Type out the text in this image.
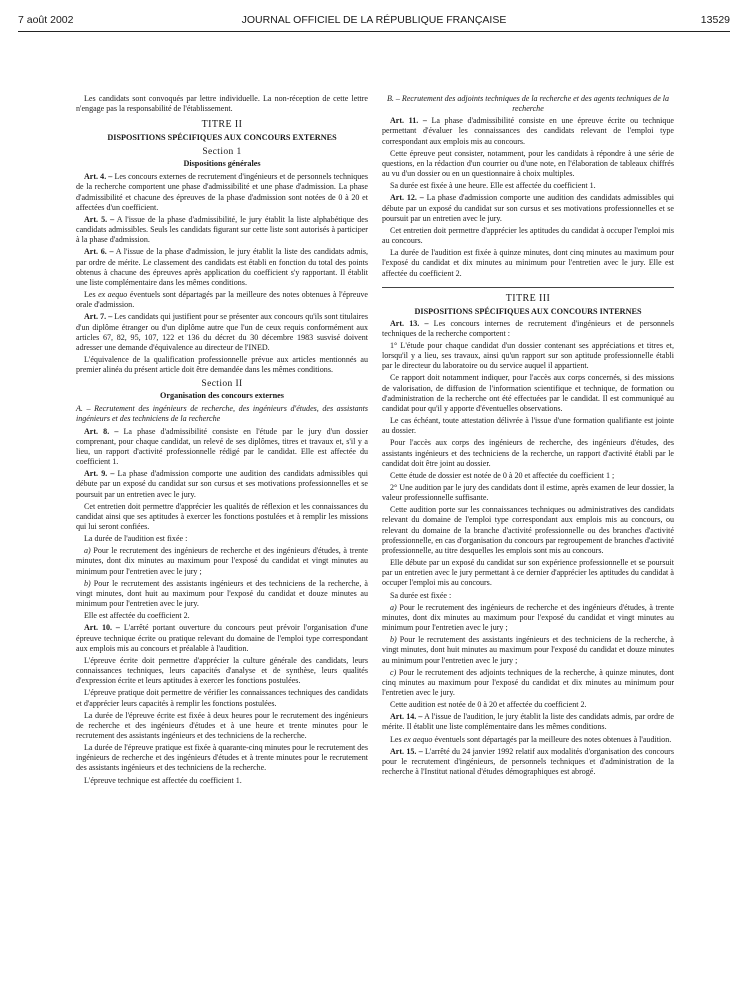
7 août 2002	JOURNAL OFFICIEL DE LA RÉPUBLIQUE FRANÇAISE	13529

Les candidats sont convoqués par lettre individuelle. La non-réception de cette lettre n'engage pas la responsabilité de l'établissement.

TITRE II
DISPOSITIONS SPÉCIFIQUES AUX CONCOURS EXTERNES
Section 1
Dispositions générales

Art. 4. – Les concours externes de recrutement d'ingénieurs et de personnels techniques de la recherche comportent une phase d'admissibilité et une phase d'admission. La phase d'admissibilité et chacune des épreuves de la phase d'admission sont notées de 0 à 20 et affectées d'un coefficient.

Art. 5. – A l'issue de la phase d'admissibilité, le jury établit la liste alphabétique des candidats admissibles. Seuls les candidats figurant sur cette liste sont autorisés à participer à la phase d'admission.

Art. 6. – A l'issue de la phase d'admission, le jury établit la liste des candidats admis, par ordre de mérite. Le classement des candidats est établi en fonction du total des points obtenus à chacune des épreuves après application du coefficient s'y rapportant. Il établit une liste complémentaire dans les mêmes conditions.

Les ex aequo éventuels sont départagés par la meilleure des notes obtenues à l'épreuve orale d'admission.

Art. 7. – Les candidats qui justifient pour se présenter aux concours qu'ils sont titulaires d'un diplôme étranger ou d'un diplôme autre que l'un de ceux requis conformément aux articles 67, 82, 95, 107, 122 et 136 du décret du 30 décembre 1983 susvisé doivent adresser une demande d'équivalence au directeur de l'INED.

L'équivalence de la qualification professionnelle prévue aux articles mentionnés au premier alinéa du présent article doit être demandée dans les mêmes conditions.

Section II
Organisation des concours externes

A. – Recrutement des ingénieurs de recherche, des ingénieurs d'études, des assistants ingénieurs et des techniciens de la recherche

Art. 8. – La phase d'admissibilité consiste en l'étude par le jury d'un dossier comprenant, pour chaque candidat, un relevé de ses diplômes, titres et travaux et, s'il y a lieu, un rapport d'activité professionnelle rédigé par le candidat. Elle est affectée du coefficient 1.

Art. 9. – La phase d'admission comporte une audition des candidats admissibles qui débute par un exposé du candidat sur son cursus et ses motivations professionnelles et se poursuit par un entretien avec le jury.

Cet entretien doit permettre d'apprécier les qualités de réflexion et les connaissances du candidat ainsi que ses aptitudes à exercer les fonctions postulées et à remplir les missions qui lui seront confiées.

La durée de l'audition est fixée :

a) Pour le recrutement des ingénieurs de recherche et des ingénieurs d'études, à trente minutes, dont dix minutes au maximum pour l'exposé du candidat et vingt minutes au minimum pour l'entretien avec le jury ;

b) Pour le recrutement des assistants ingénieurs et des techniciens de la recherche, à vingt minutes, dont huit au maximum pour l'exposé du candidat et douze minutes au minimum pour l'entretien avec le jury.

Elle est affectée du coefficient 2.

Art. 10. – L'arrêté portant ouverture du concours peut prévoir l'organisation d'une épreuve technique écrite ou pratique relevant du domaine de l'emploi type correspondant aux emplois mis au concours et préalable à l'audition.

L'épreuve écrite doit permettre d'apprécier la culture générale des candidats, leurs connaissances techniques, leurs capacités d'analyse et de synthèse, leurs qualités d'expression écrite et leurs aptitudes à exercer les fonctions postulées.

L'épreuve pratique doit permettre de vérifier les connaissances techniques des candidats et d'apprécier leurs capacités à remplir les fonctions postulées.

La durée de l'épreuve écrite est fixée à deux heures pour le recrutement des ingénieurs de recherche et des ingénieurs d'études et à une heure et trente minutes pour le recrutement des assistants ingénieurs et des techniciens de la recherche.

La durée de l'épreuve pratique est fixée à quarante-cinq minutes pour le recrutement des ingénieurs de recherche et des ingénieurs d'études et à trente minutes pour le recrutement des assistants ingénieurs et des techniciens de la recherche.

L'épreuve technique est affectée du coefficient 1.

B. – Recrutement des adjoints techniques de la recherche et des agents techniques de la recherche

Art. 11. – La phase d'admissibilité consiste en une épreuve écrite ou technique permettant d'évaluer les connaissances des candidats relevant de l'emploi type correspondant aux emplois mis au concours.

Cette épreuve peut consister, notamment, pour les candidats à répondre à une série de questions, en la rédaction d'un courrier ou d'une note, en l'élaboration de tableaux chiffrés au vu d'un dossier ou en un questionnaire à choix multiples.

Sa durée est fixée à une heure. Elle est affectée du coefficient 1.

Art. 12. – La phase d'admission comporte une audition des candidats admissibles qui débute par un exposé du candidat sur son cursus et ses motivations professionnelles et se poursuit par un entretien avec le jury.

Cet entretien doit permettre d'apprécier les aptitudes du candidat à occuper l'emploi mis au concours.

La durée de l'audition est fixée à quinze minutes, dont cinq minutes au maximum pour l'exposé du candidat et dix minutes au minimum pour l'entretien avec le jury. Elle est affectée du coefficient 2.

TITRE III
DISPOSITIONS SPÉCIFIQUES AUX CONCOURS INTERNES

Art. 13. – Les concours internes de recrutement d'ingénieurs et de personnels techniques de la recherche comportent :

1° L'étude pour chaque candidat d'un dossier contenant ses appréciations et titres et, lorsqu'il y a lieu, ses travaux, ainsi qu'un rapport sur son aptitude professionnelle établi par le directeur du laboratoire ou du service auquel il appartient.

Ce rapport doit notamment indiquer, pour l'accès aux corps concernés, si des missions de valorisation, de diffusion de l'information scientifique et technique, de formation ou d'administration de la recherche ont été effectuées par le candidat. Il est communiqué au candidat pour qu'il y apporte d'éventuelles observations.

Le cas échéant, toute attestation délivrée à l'issue d'une formation qualifiante est jointe au dossier.

Pour l'accès aux corps des ingénieurs de recherche, des ingénieurs d'études, des assistants ingénieurs et des techniciens de la recherche, un rapport d'activité établi par le candidat doit être joint au dossier.

Cette étude de dossier est notée de 0 à 20 et affectée du coefficient 1 ;

2° Une audition par le jury des candidats dont il estime, après examen de leur dossier, la valeur professionnelle suffisante.

Cette audition porte sur les connaissances techniques ou administratives des candidats relevant du domaine de l'emploi type correspondant aux emplois mis au concours, ou relevant du domaine de la branche d'activité professionnelle ou des branches d'activité professionnelle, en cas d'organisation du concours par regroupement de branches d'activité professionnelle, au titre desquelles les emplois sont mis au concours.

Elle débute par un exposé du candidat sur son expérience professionnelle et se poursuit par un entretien avec le jury permettant à ce dernier d'apprécier les aptitudes du candidat à occuper l'emploi mis au concours.

Sa durée est fixée :

a) Pour le recrutement des ingénieurs de recherche et des ingénieurs d'études, à trente minutes, dont dix minutes au maximum pour l'exposé du candidat et vingt minutes au minimum pour l'entretien avec le jury ;

b) Pour le recrutement des assistants ingénieurs et des techniciens de la recherche, à vingt minutes, dont huit minutes au maximum pour l'exposé du candidat et douze minutes au minimum pour l'entretien avec le jury ;

c) Pour le recrutement des adjoints techniques de la recherche, à quinze minutes, dont cinq minutes au maximum pour l'exposé du candidat et dix minutes au minimum pour l'entretien avec le jury.

Cette audition est notée de 0 à 20 et affectée du coefficient 2.

Art. 14. – A l'issue de l'audition, le jury établit la liste des candidats admis, par ordre de mérite. Il établit une liste complémentaire dans les mêmes conditions.

Les ex aequo éventuels sont départagés par la meilleure des notes obtenues à l'audition.

Art. 15. – L'arrêté du 24 janvier 1992 relatif aux modalités d'organisation des concours pour le recrutement d'ingénieurs, de personnels techniques et d'administration de la recherche à l'Institut national d'études démographiques est abrogé.
